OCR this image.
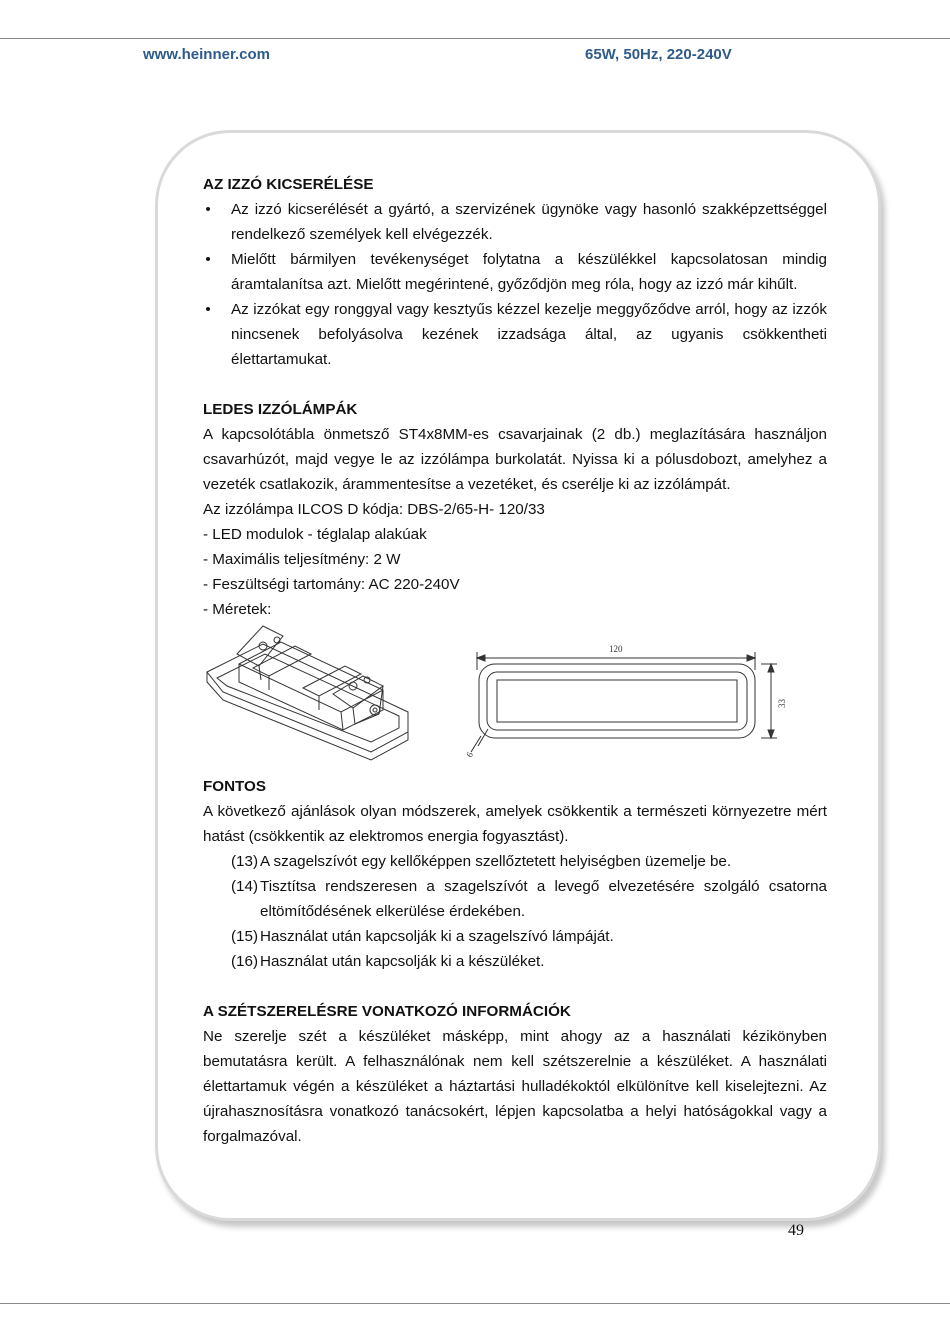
www.heinner.com	65W, 50Hz, 220-240V

AZ IZZÓ KICSERÉLÉSE

• Az izzó kicserélését a gyártó, a szervizének ügynöke vagy hasonló szakképzettséggel rendelkező személyek kell elvégezzék.
• Mielőtt bármilyen tevékenységet folytatna a készülékkel kapcsolatosan mindig áramtalanítsa azt. Mielőtt megérintené, győződjön meg róla, hogy az izzó már kihűlt.
• Az izzókat egy ronggyal vagy kesztyűs kézzel kezelje meggyőződve arról, hogy az izzók nincsenek befolyásolva kezének izzadsága által, az ugyanis csökkentheti élettartamukat.

LEDES IZZÓLÁMPÁK

A kapcsolótábla önmetsző ST4x8MM-es csavarjainak (2 db.) meglazítására használjon csavarhúzót, majd vegye le az izzólámpa burkolatát. Nyissa ki a pólusdobozt, amelyhez a vezeték csatlakozik, árammentesítse a vezetéket, és cserélje ki az izzólámpát.

Az izzólámpa ILCOS D kódja: DBS-2/65-H- 120/33

- LED modulok - téglalap alakúak

- Maximális teljesítmény: 2 W

- Feszültségi tartomány: AC 220-240V

- Méretek:

120
33
6

FONTOS

A következő ajánlások olyan módszerek, amelyek csökkentik a természeti környezetre mért hatást (csökkentik az elektromos energia fogyasztást).

(13) A szagelszívót egy kellőképpen szellőztetett helyiségben üzemelje be.
(14) Tisztítsa rendszeresen a szagelszívót a levegő elvezetésére szolgáló csatorna eltömítődésének elkerülése érdekében.
(15) Használat után kapcsolják ki a szagelszívó lámpáját.
(16) Használat után kapcsolják ki a készüléket.

A SZÉTSZERELÉSRE VONATKOZÓ INFORMÁCIÓK

Ne szerelje szét a készüléket másképp, mint ahogy az a használati kézikönyben bemutatásra került. A felhasználónak nem kell szétszerelnie a készüléket. A használati élettartamuk végén a készüléket a háztartási hulladékoktól elkülönítve kell kiselejtezni. Az újrahasznosításra vonatkozó tanácsokért, lépjen kapcsolatba a helyi hatóságokkal vagy a forgalmazóval.

49
